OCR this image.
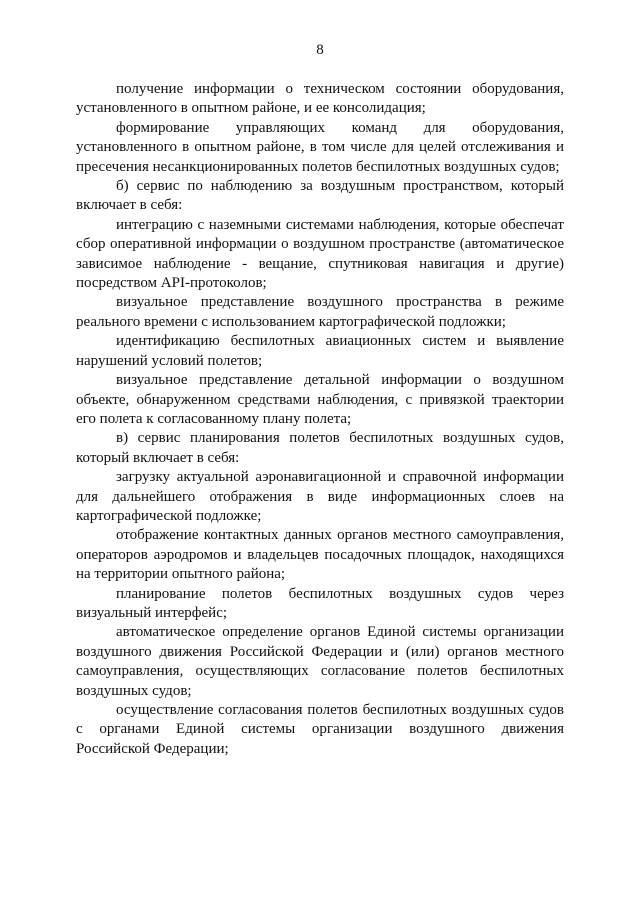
8

получение информации о техническом состоянии оборудования, установленного в опытном районе, и ее консолидация;

формирование управляющих команд для оборудования, установленного в опытном районе, в том числе для целей отслеживания и пресечения несанкционированных полетов беспилотных воздушных судов;

б) сервис по наблюдению за воздушным пространством, который включает в себя:

интеграцию с наземными системами наблюдения, которые обеспечат сбор оперативной информации о воздушном пространстве (автоматическое зависимое наблюдение - вещание, спутниковая навигация и другие) посредством API-протоколов;

визуальное представление воздушного пространства в режиме реального времени с использованием картографической подложки;

идентификацию беспилотных авиационных систем и выявление нарушений условий полетов;

визуальное представление детальной информации о воздушном объекте, обнаруженном средствами наблюдения, с привязкой траектории его полета к согласованному плану полета;

в) сервис планирования полетов беспилотных воздушных судов, который включает в себя:

загрузку актуальной аэронавигационной и справочной информации для дальнейшего отображения в виде информационных слоев на картографической подложке;

отображение контактных данных органов местного самоуправления, операторов аэродромов и владельцев посадочных площадок, находящихся на территории опытного района;

планирование полетов беспилотных воздушных судов через визуальный интерфейс;

автоматическое определение органов Единой системы организации воздушного движения Российской Федерации и (или) органов местного самоуправления, осуществляющих согласование полетов беспилотных воздушных судов;

осуществление согласования полетов беспилотных воздушных судов с органами Единой системы организации воздушного движения Российской Федерации;
